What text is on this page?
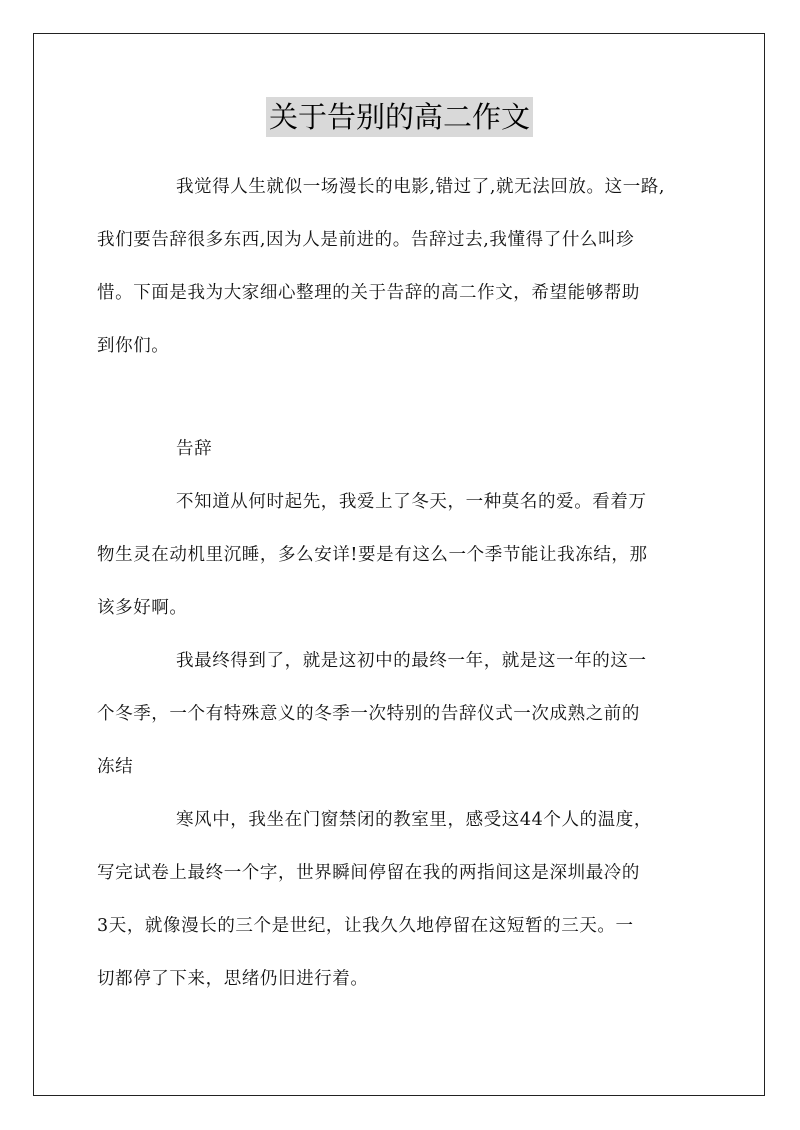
关于告别的高二作文
我觉得人生就似一场漫长的电影,错过了,就无法回放。这一路,
我们要告辞很多东西,因为人是前进的。告辞过去,我懂得了什么叫珍
惜。下面是我为大家细心整理的关于告辞的高二作文，希望能够帮助
到你们。
告辞
不知道从何时起先，我爱上了冬天，一种莫名的爱。看着万
物生灵在动机里沉睡，多么安详!要是有这么一个季节能让我冻结，那
该多好啊。
我最终得到了，就是这初中的最终一年，就是这一年的这一
个冬季，一个有特殊意义的冬季一次特别的告辞仪式一次成熟之前的
冻结
寒风中，我坐在门窗禁闭的教室里，感受这44个人的温度，
写完试卷上最终一个字，世界瞬间停留在我的两指间这是深圳最冷的
3天，就像漫长的三个是世纪，让我久久地停留在这短暂的三天。一
切都停了下来，思绪仍旧进行着。
